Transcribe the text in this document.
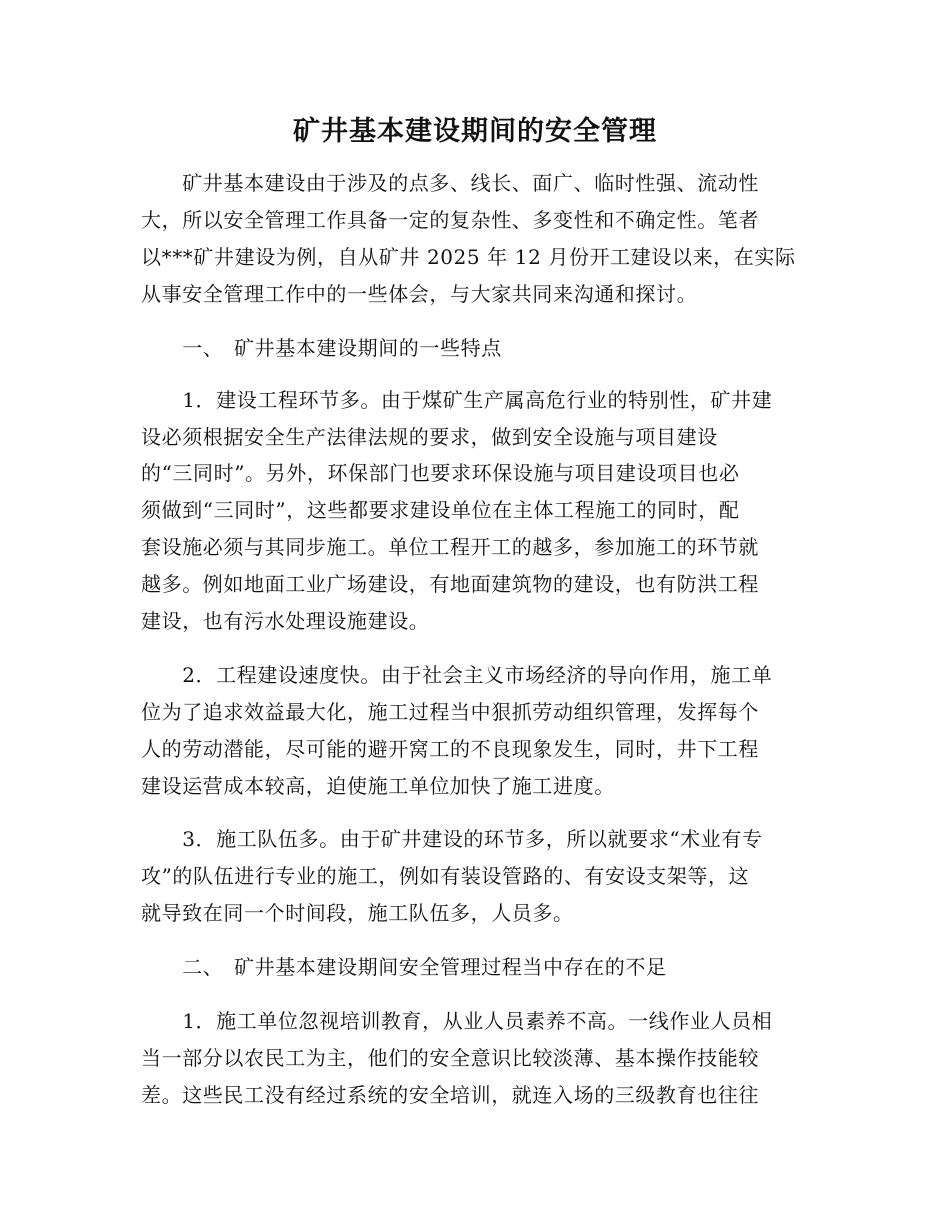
矿井基本建设期间的安全管理
　　矿井基本建设由于涉及的点多、线长、面广、临时性强、流动性
大，所以安全管理工作具备一定的复杂性、多变性和不确定性。笔者
以***矿井建设为例，自从矿井 2025 年 12 月份开工建设以来，在实际
从事安全管理工作中的一些体会，与大家共同来沟通和探讨。
　　一、　矿井基本建设期间的一些特点
　　1．建设工程环节多。由于煤矿生产属高危行业的特别性，矿井建
设必须根据安全生产法律法规的要求，做到安全设施与项目建设
的“三同时”。另外，环保部门也要求环保设施与项目建设项目也必
须做到“三同时”，这些都要求建设单位在主体工程施工的同时，配
套设施必须与其同步施工。单位工程开工的越多，参加施工的环节就
越多。例如地面工业广场建设，有地面建筑物的建设，也有防洪工程
建设，也有污水处理设施建设。
　　2．工程建设速度快。由于社会主义市场经济的导向作用，施工单
位为了追求效益最大化，施工过程当中狠抓劳动组织管理，发挥每个
人的劳动潜能，尽可能的避开窝工的不良现象发生，同时，井下工程
建设运营成本较高，迫使施工单位加快了施工进度。
　　3．施工队伍多。由于矿井建设的环节多，所以就要求“术业有专
攻”的队伍进行专业的施工，例如有装设管路的、有安设支架等，这
就导致在同一个时间段，施工队伍多，人员多。
　　二、　矿井基本建设期间安全管理过程当中存在的不足
　　1．施工单位忽视培训教育，从业人员素养不高。一线作业人员相
当一部分以农民工为主，他们的安全意识比较淡薄、基本操作技能较
差。这些民工没有经过系统的安全培训，就连入场的三级教育也往往
